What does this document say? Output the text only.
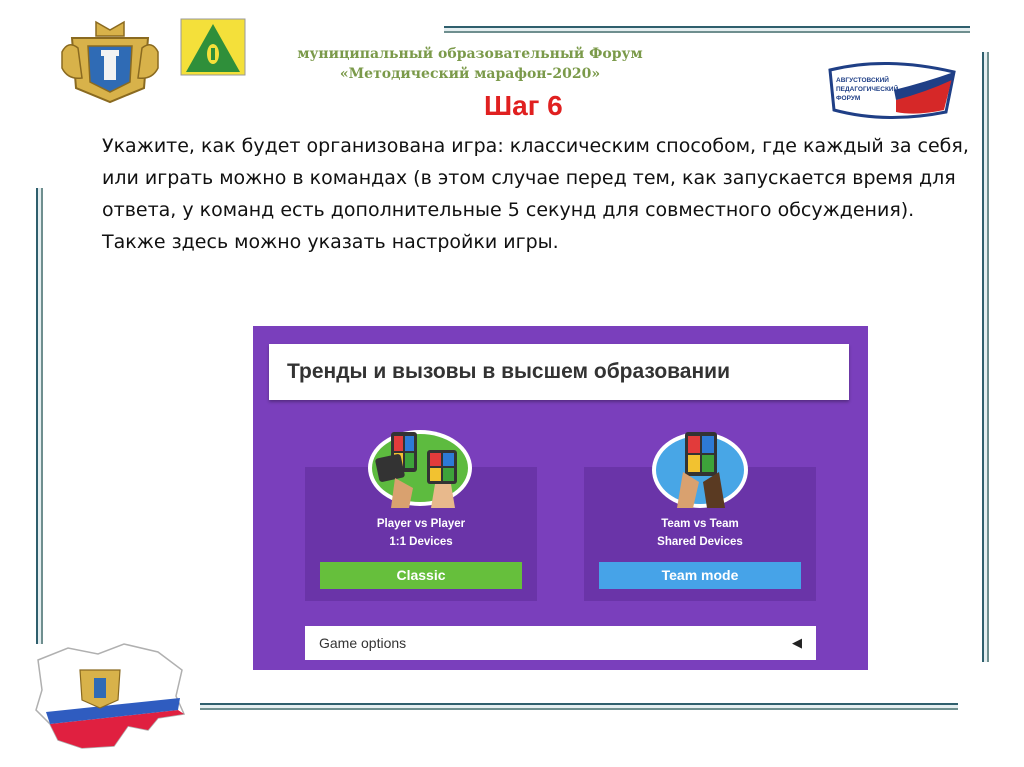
муниципальный образовательный Форум
«Методический марафон-2020»	АВГУСТОВСКИЙ
ПЕДАГОГИЧЕСКИЙ
ФОРУМ
Шаг 6

Укажите, как будет организована игра: классическим способом, где каждый за себя, или играть можно в командах (в этом случае перед тем, как запускается время для ответа, у команд есть дополнительные 5 секунд для совместного обсуждения).

Также здесь можно указать настройки игры.

Тренды и вызовы в высшем образовании
Player vs Player
1:1 Devices
Classic
Team vs Team
Shared Devices
Team mode
Game options	◀
